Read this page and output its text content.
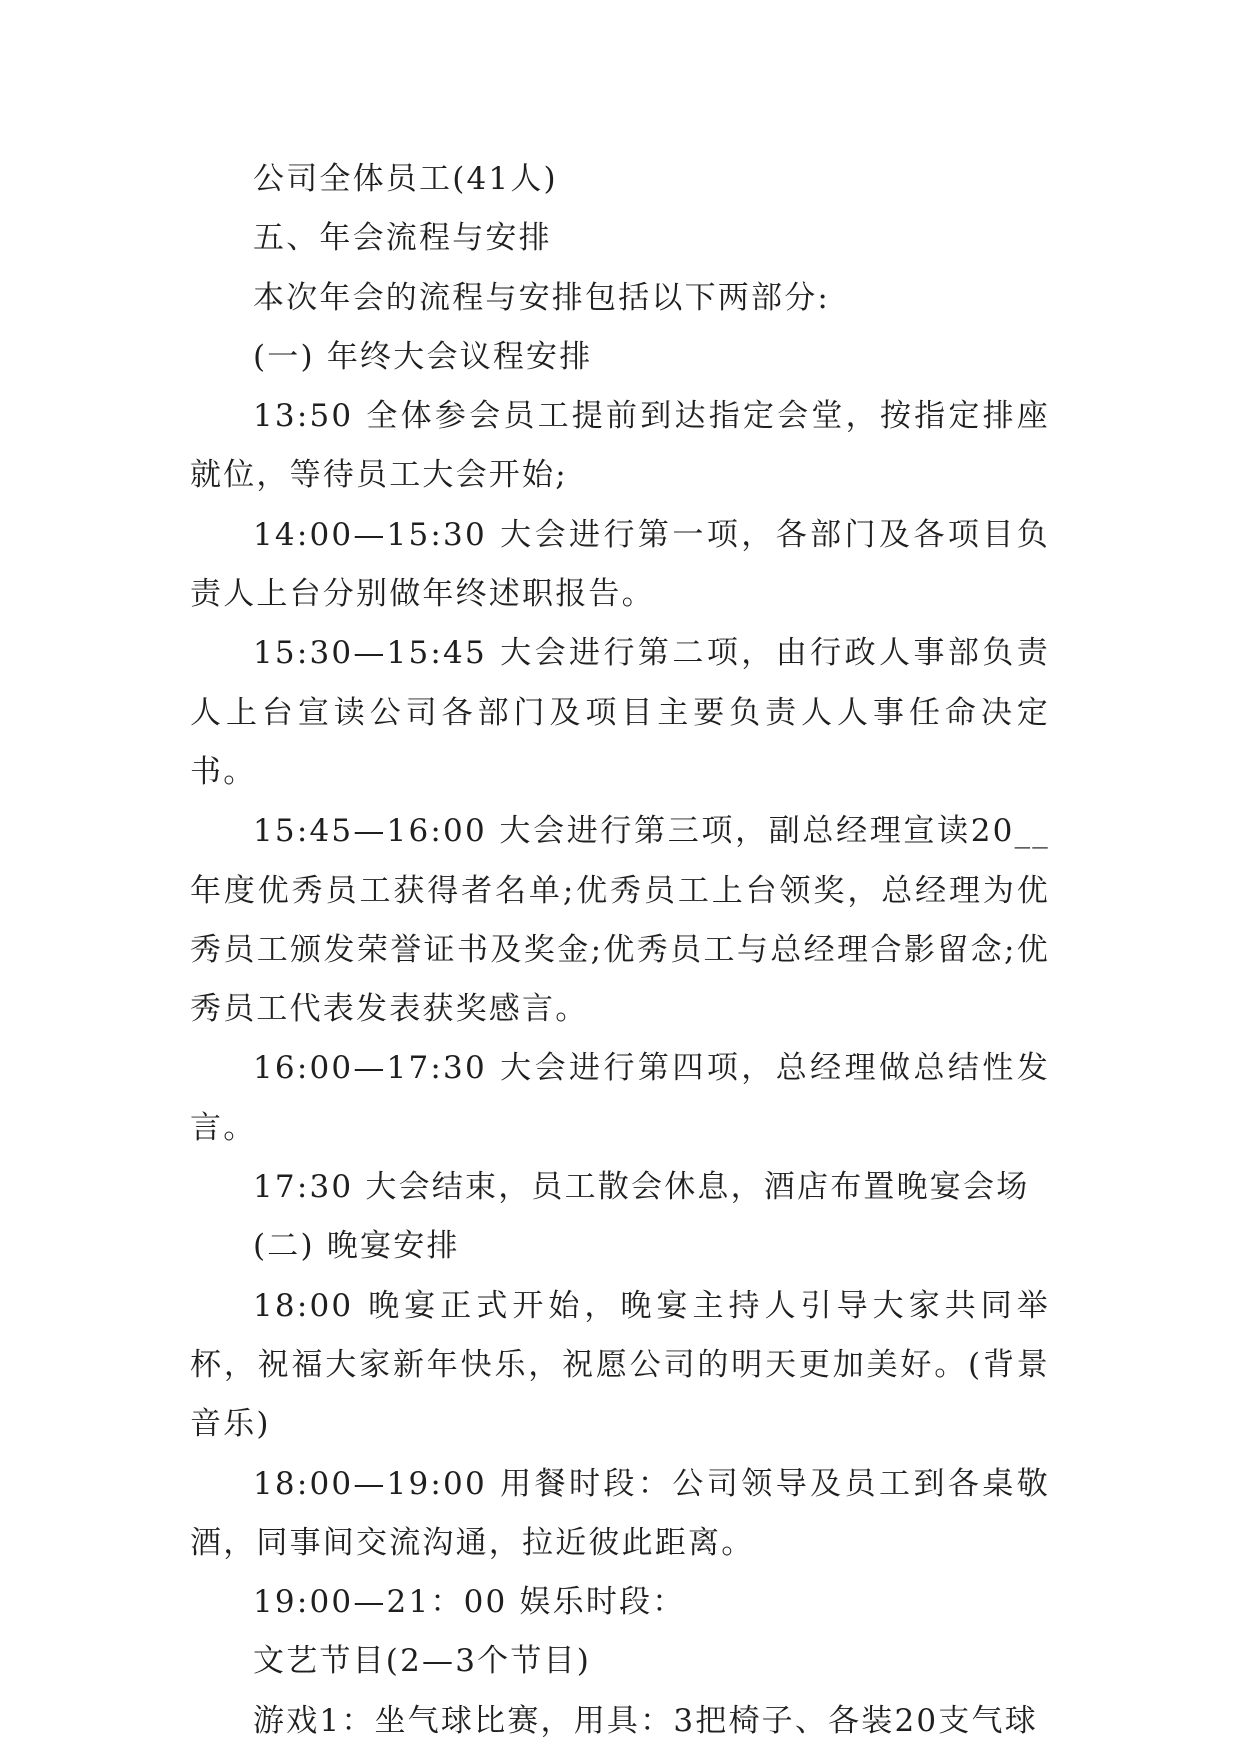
公司全体员工(41人)

五、年会流程与安排

本次年会的流程与安排包括以下两部分:

(一) 年终大会议程安排

13:50 全体参会员工提前到达指定会堂，按指定排座就位，等待员工大会开始;

14:00—15:30 大会进行第一项，各部门及各项目负责人上台分别做年终述职报告。

15:30—15:45 大会进行第二项，由行政人事部负责人上台宣读公司各部门及项目主要负责人人事任命决定书。

15:45—16:00 大会进行第三项，副总经理宣读20__年度优秀员工获得者名单;优秀员工上台领奖，总经理为优秀员工颁发荣誉证书及奖金;优秀员工与总经理合影留念;优秀员工代表发表获奖感言。

16:00—17:30 大会进行第四项，总经理做总结性发言。

17:30 大会结束，员工散会休息，酒店布置晚宴会场

(二) 晚宴安排

18:00 晚宴正式开始，晚宴主持人引导大家共同举杯，祝福大家新年快乐，祝愿公司的明天更加美好。(背景音乐)

18:00—19:00 用餐时段：公司领导及员工到各桌敬酒，同事间交流沟通，拉近彼此距离。

19:00—21：00 娱乐时段：

文艺节目(2—3个节目)

游戏1：坐气球比赛，用具：3把椅子、各装20支气球
